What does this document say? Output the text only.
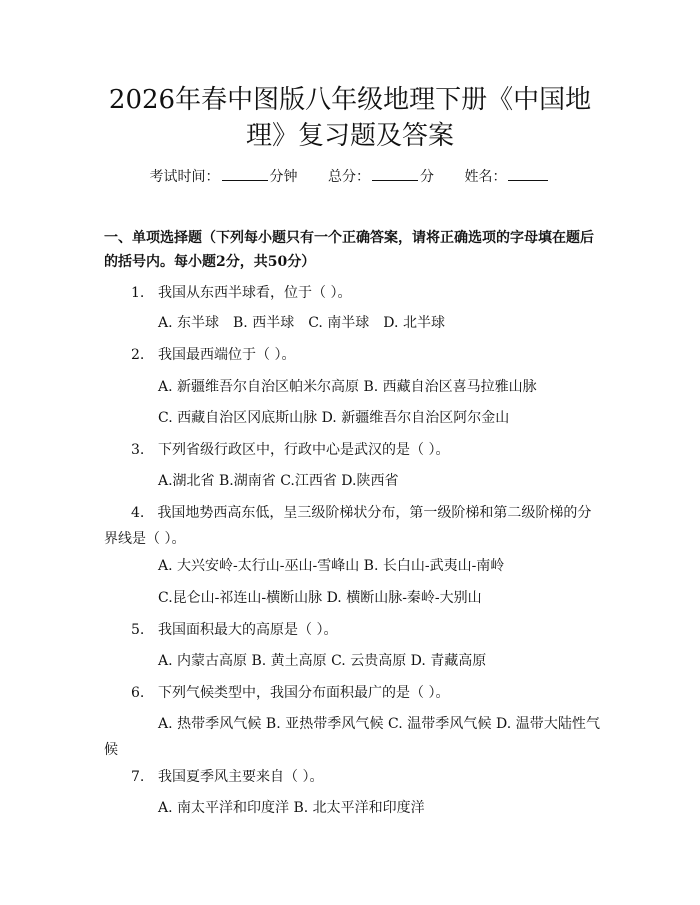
2026年春中图版八年级地理下册《中国地
理》复习题及答案
考试时间：	分钟 总分：	分 姓名：
一、单项选择题（下列每小题只有一个正确答案，请将正确选项的字母填在题后的括号内。每小题2分，共50分）
1. 我国从东西半球看，位于（ ）。
A. 东半球　B. 西半球　C. 南半球　D. 北半球
2. 我国最西端位于（ ）。
A. 新疆维吾尔自治区帕米尔高原 B. 西藏自治区喜马拉雅山脉
C. 西藏自治区冈底斯山脉 D. 新疆维吾尔自治区阿尔金山
3. 下列省级行政区中，行政中心是武汉的是（ ）。
A.湖北省 B.湖南省 C.江西省 D.陕西省
4. 我国地势西高东低，呈三级阶梯状分布，第一级阶梯和第二级阶梯的分界线是（ ）。
A. 大兴安岭-太行山-巫山-雪峰山 B. 长白山-武夷山-南岭
C.昆仑山-祁连山-横断山脉 D. 横断山脉-秦岭-大别山
5. 我国面积最大的高原是（ ）。
A. 内蒙古高原 B. 黄土高原 C. 云贵高原 D. 青藏高原
6. 下列气候类型中，我国分布面积最广的是（ ）。
A. 热带季风气候 B. 亚热带季风气候 C. 温带季风气候 D. 温带大陆性气候
7. 我国夏季风主要来自（ ）。
A. 南太平洋和印度洋 B. 北太平洋和印度洋
